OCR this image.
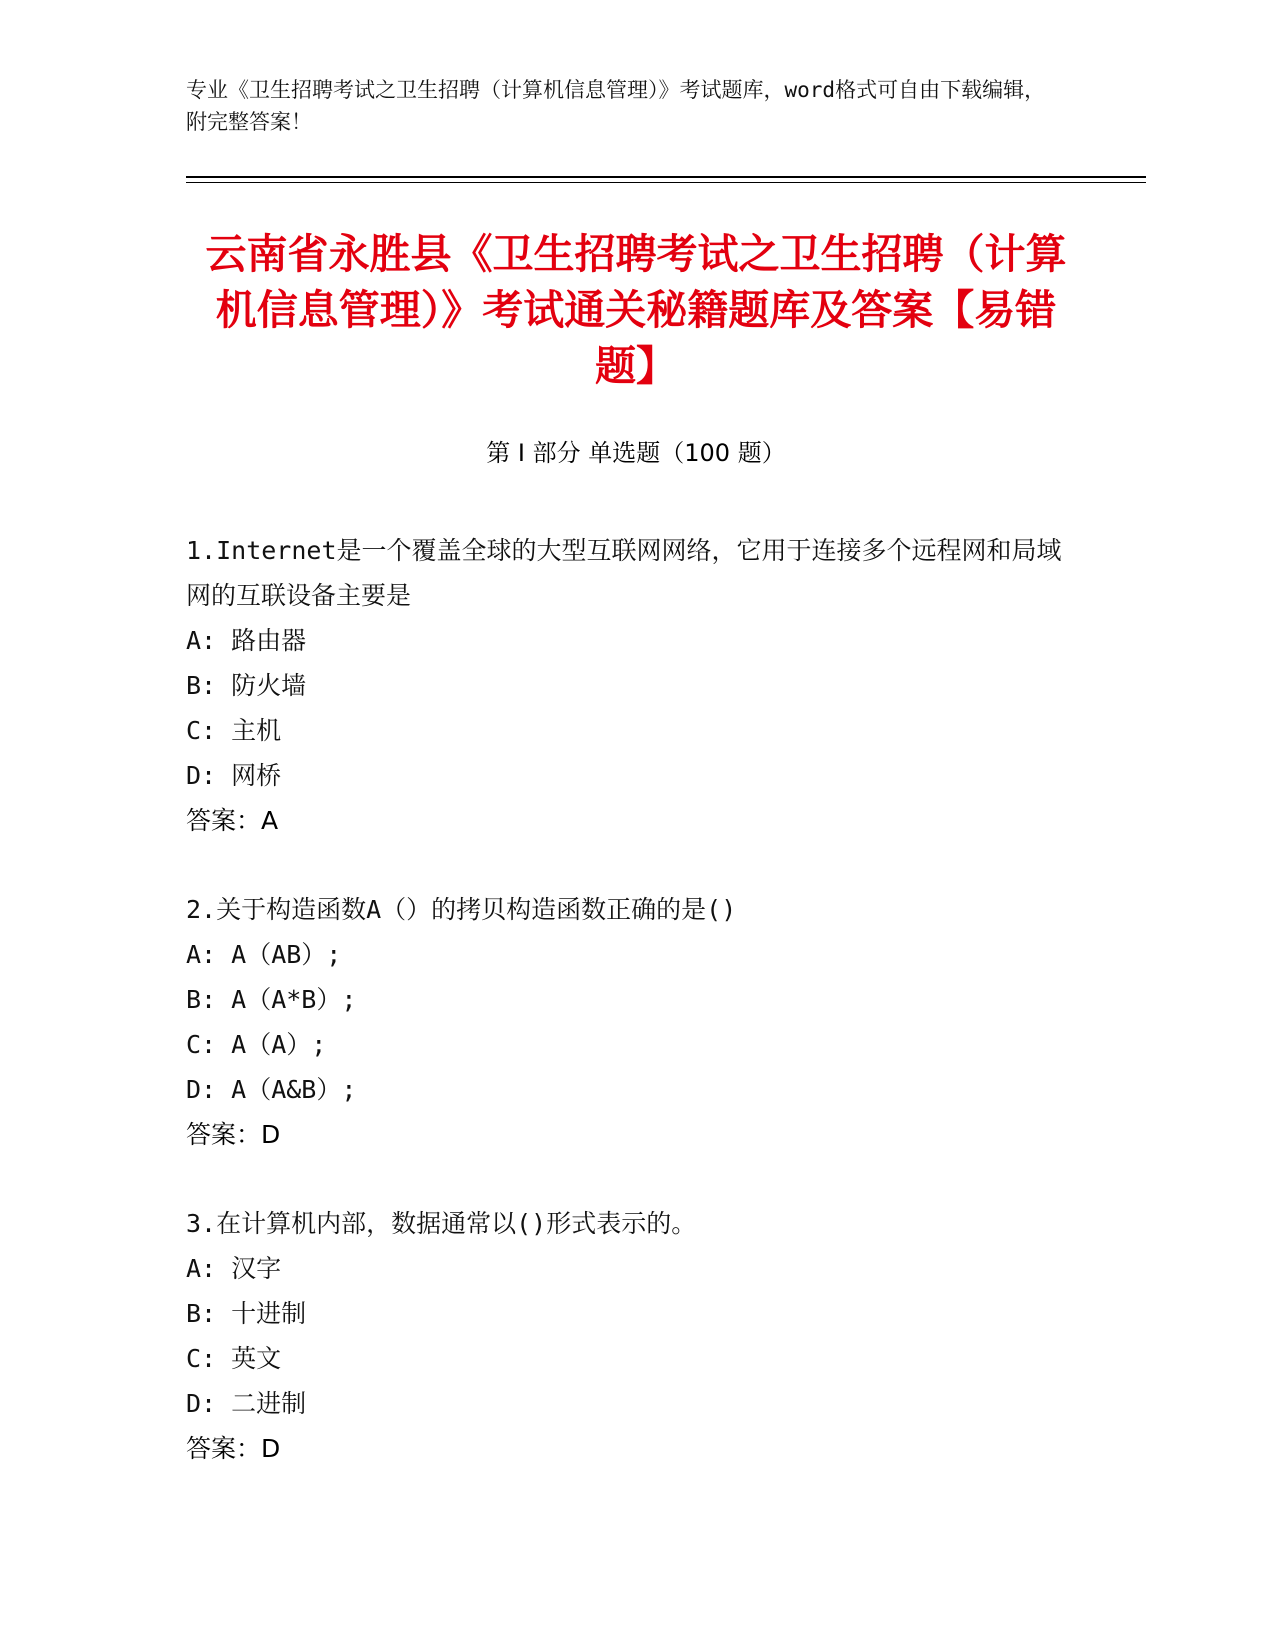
专业《卫生招聘考试之卫生招聘（计算机信息管理）》考试题库，word格式可自由下载编辑，附完整答案！
云南省永胜县《卫生招聘考试之卫生招聘（计算机信息管理）》考试通关秘籍题库及答案【易错题】
第 I 部分 单选题（100 题）
1.Internet是一个覆盖全球的大型互联网网络，它用于连接多个远程网和局域网的互联设备主要是
A: 路由器
B: 防火墙
C: 主机
D: 网桥
答案：A
2.关于构造函数A（）的拷贝构造函数正确的是()
A: A（AB）;
B: A（A*B）;
C: A（A）;
D: A（A&B）;
答案：D
3.在计算机内部，数据通常以()形式表示的。
A: 汉字
B: 十进制
C: 英文
D: 二进制
答案：D
